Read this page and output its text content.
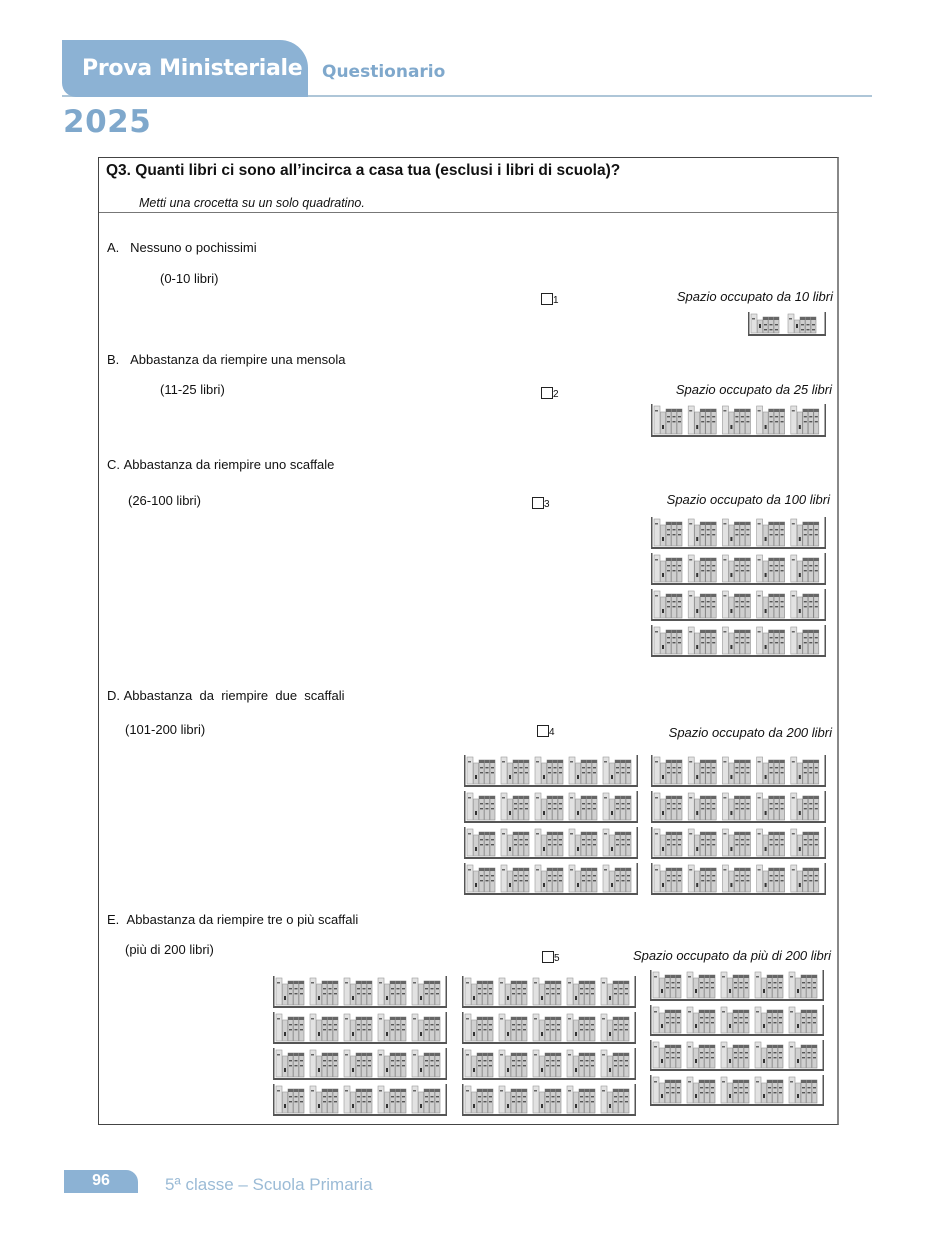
Prova Ministeriale Questionario
2025
Q3. Quanti libri ci sono all’incirca a casa tua (esclusi i libri di scuola)?
Metti una crocetta su un solo quadratino.
A. Nessuno o pochissimi
(0-10 libri)
1	Spazio occupato da 10 libri
B. Abbastanza da riempire una mensola
(11-25 libri)	2	Spazio occupato da 25 libri
C. Abbastanza da riempire uno scaffale
(26-100 libri)	3	Spazio occupato da 100 libri
D. Abbastanza  da  riempire  due  scaffali
(101-200 libri)	4	Spazio occupato da 200 libri
E. Abbastanza da riempire tre o più scaffali
(più di 200 libri)
5	Spazio occupato da più di 200 libri
96	5ª classe – Scuola Primaria
